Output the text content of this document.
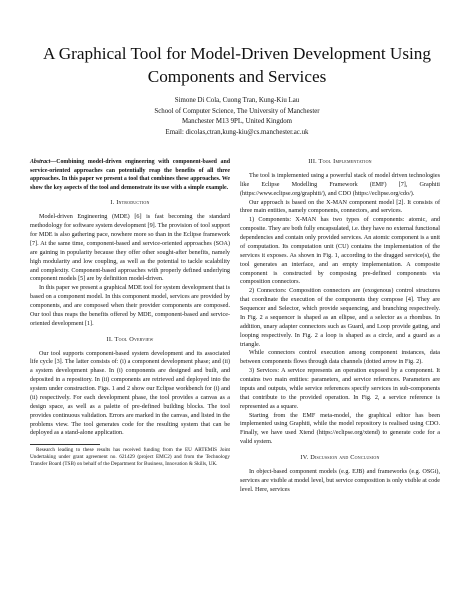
A Graphical Tool for Model-Driven Development Using Components and Services
Simone Di Cola, Cuong Tran, Kung-Kiu Lau
School of Computer Science, The University of Manchester
Manchester M13 9PL, United Kingdom
Email: dicolas,ctran,kung-kiu@cs.manchester.ac.uk

Abstract—Combining model-driven engineering with component-based and service-oriented approaches can potentially reap the benefits of all three approaches. In this paper we present a tool that combines these approaches. We show the key aspects of the tool and demonstrate its use with a simple example.

I. Introduction

Model-driven Engineering (MDE) [6] is fast becoming the standard methodology for software system development [9]. The provision of tool support for MDE is also gathering pace, nowhere more so than in the Eclipse framework [7]. At the same time, component-based and service-oriented approaches (SOA) are gaining in popularity because they offer other sought-after benefits, namely high modularity and low coupling, as well as the potential to tackle scalability and complexity. Component-based approaches with properly defined underlying component models [5] are by definition model-driven.

In this paper we present a graphical MDE tool for system development that is based on a component model. In this component model, services are provided by components, and are composed when their provider components are composed. Our tool thus reaps the benefits offered by MDE, component-based and service-oriented development [1].

II. Tool Overview

Our tool supports component-based system development and its associated life cycle [3]. The latter consists of: (i) a component development phase; and (ii) a system development phase. In (i) components are designed and built, and deposited in a repository. In (ii) components are retrieved and deployed into the system under construction. Figs. 1 and 2 show our Eclipse workbench for (i) and (ii) respectively. For each development phase, the tool provides a canvas as a design space, as well as a palette of pre-defined building blocks. The tool provides continuous validation. Errors are marked in the canvas, and listed in the problems view. The tool generates code for the resulting system that can be deployed as a stand-alone application.

Research leading to these results has received funding from the EU ARTEMIS Joint Undertaking under grant agreement no. 621429 (project EMC2) and from the Technology Transfer Board (TSB) on behalf of the Department for Business, Innovation & Skills, UK.

III. Tool Implementation

The tool is implemented using a powerful stack of model driven technologies like Eclipse Modelling Framework (EMF) [7], Graphiti (https://www.eclipse.org/graphiti/), and CDO (https://eclipse.org/cdo/).

Our approach is based on the X-MAN component model [2]. It consists of three main entities, namely components, connectors, and services.

1) Components: X-MAN has two types of components: atomic, and composite. They are both fully encapsulated, i.e. they have no external functional dependencies and contain only provided services. An atomic component is a unit of computation. Its computation unit (CU) contains the implementation of the services it exposes. As shown in Fig. 1, according to the dragged service(s), the tool generates an interface, and an empty implementation. A composite component is constructed by composing pre-defined components via composition connectors.

2) Connectors: Composition connectors are (exogenous) control structures that coordinate the execution of the components they compose [4]. They are Sequencer and Selector, which provide sequencing, and branching respectively. In Fig. 2 a sequencer is shaped as an ellipse, and a selector as a rhombus. In addition, unary adapter connectors such as Guard, and Loop provide gating, and looping respectively. In Fig. 2 a loop is shaped as a circle, and a guard as a triangle.

While connectors control execution among component instances, data between components flows through data channels (dotted arrow in Fig. 2).

3) Services: A service represents an operation exposed by a component. It contains two main entities: parameters, and service references. Parameters are inputs and outputs, while service references specify services in sub-components that contribute to the provided operation. In Fig. 2, a service reference is represented as a square.

Starting from the EMF meta-model, the graphical editor has been implemented using Graphiti, while the model repository is realised using CDO. Finally, we have used Xtend (https://eclipse.org/xtend) to generate code for a valid system.

IV. Discussion and Conclusion

In object-based component models (e.g. EJB) and frameworks (e.g. OSGi), services are visible at model level, but service composition is only visible at code level. Here, services
